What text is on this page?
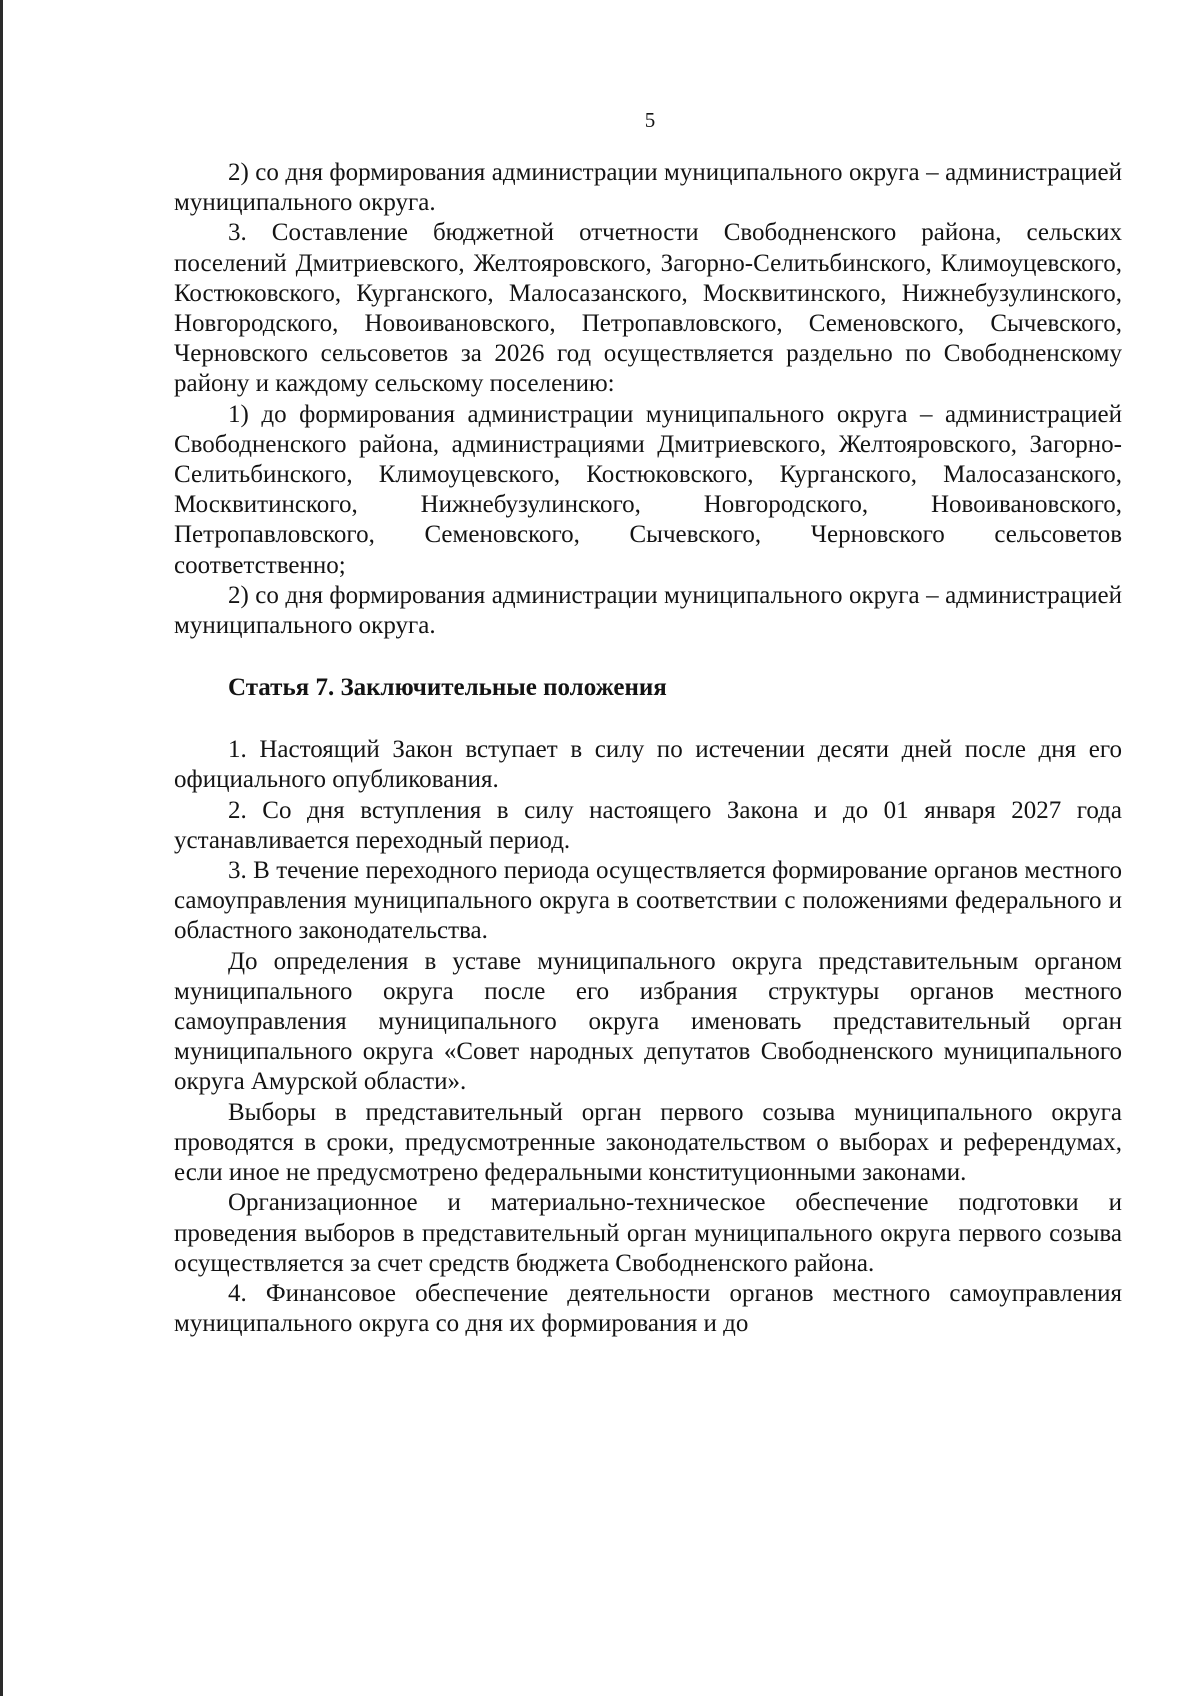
5

2) со дня формирования администрации муниципального округа – администрацией муниципального округа.

3. Составление бюджетной отчетности Свободненского района, сельских поселений Дмитриевского, Желтояровского, Загорно-Селитьбинского, Климоуцевского, Костюковского, Курганского, Малосазанского, Москвитинского, Нижнебузулинского, Новгородского, Новоивановского, Петропавловского, Семеновского, Сычевского, Черновского сельсоветов за 2026 год осуществляется раздельно по Свободненскому району и каждому сельскому поселению:

1) до формирования администрации муниципального округа – администрацией Свободненского района, администрациями Дмитриевского, Желтояровского, Загорно-Селитьбинского, Климоуцевского, Костюковского, Курганского, Малосазанского, Москвитинского, Нижнебузулинского, Новгородского, Новоивановского, Петропавловского, Семеновского, Сычевского, Черновского сельсоветов соответственно;

2) со дня формирования администрации муниципального округа – администрацией муниципального округа.

Статья 7. Заключительные положения

1. Настоящий Закон вступает в силу по истечении десяти дней после дня его официального опубликования.

2. Со дня вступления в силу настоящего Закона и до 01 января 2027 года устанавливается переходный период.

3. В течение переходного периода осуществляется формирование органов местного самоуправления муниципального округа в соответствии с положениями федерального и областного законодательства.

До определения в уставе муниципального округа представительным органом муниципального округа после его избрания структуры органов местного самоуправления муниципального округа именовать представительный орган муниципального округа «Совет народных депутатов Свободненского муниципального округа Амурской области».

Выборы в представительный орган первого созыва муниципального округа проводятся в сроки, предусмотренные законодательством о выборах и референдумах, если иное не предусмотрено федеральными конституционными законами.

Организационное и материально-техническое обеспечение подготовки и проведения выборов в представительный орган муниципального округа первого созыва осуществляется за счет средств бюджета Свободненского района.

4. Финансовое обеспечение деятельности органов местного самоуправления муниципального округа со дня их формирования и до
